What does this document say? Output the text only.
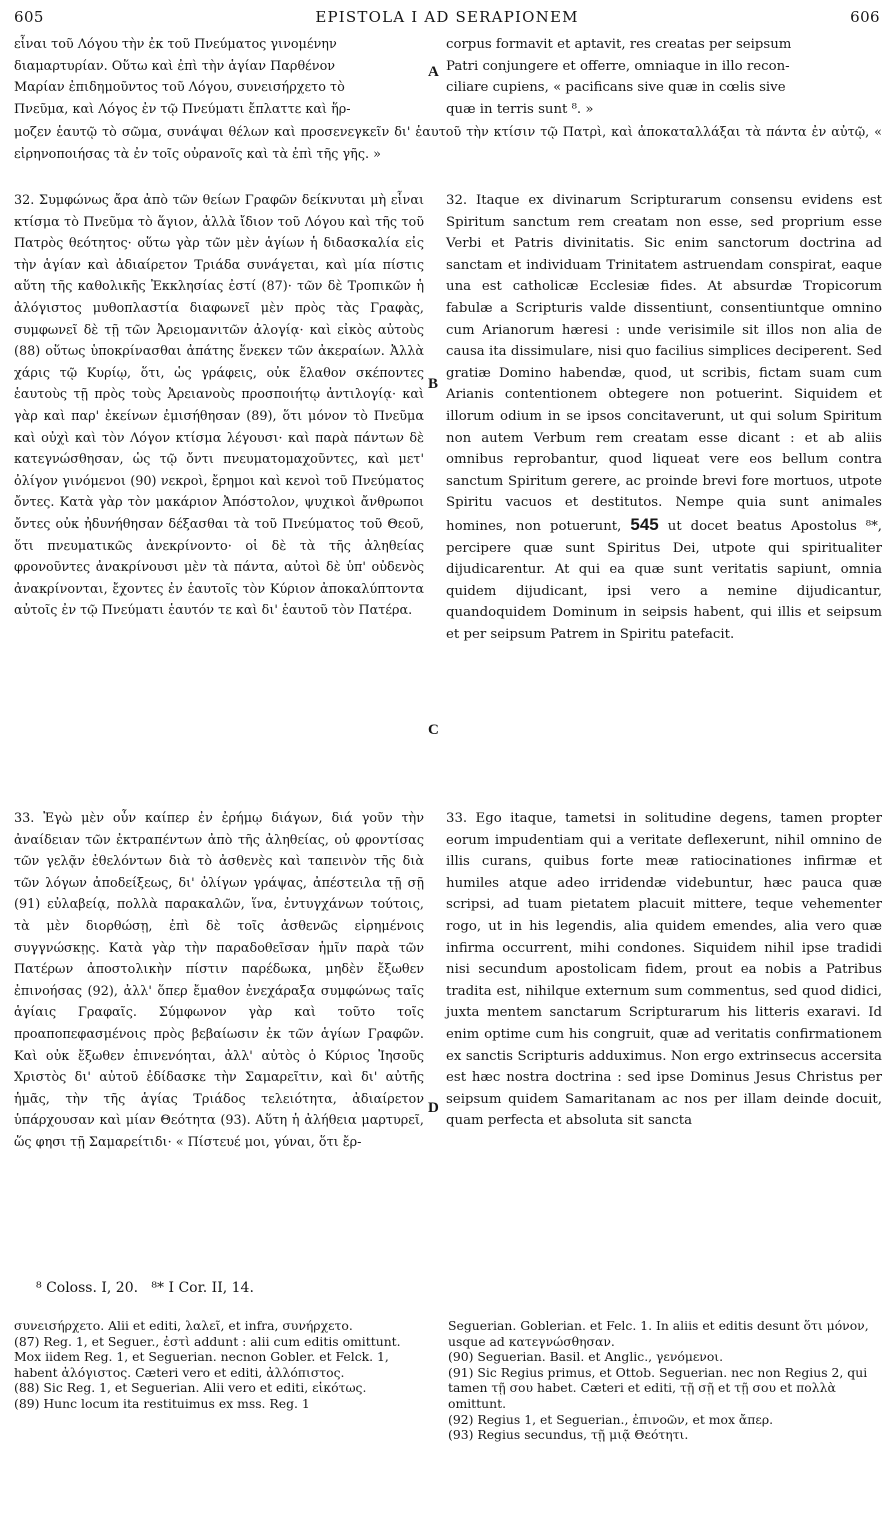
605	EPISTOLA I AD SERAPIONEM	606

εἶναι τοῦ Λόγου τὴν ἐκ τοῦ Πνεύματος γινομένην

διαμαρτυρίαν. Οὕτω καὶ ἐπὶ τὴν ἁγίαν Παρθένον

Μαρίαν ἐπιδημοῦντος τοῦ Λόγου, συνεισήρχετο τὸ

Πνεῦμα, καὶ Λόγος ἐν τῷ Πνεύματι ἔπλαττε καὶ ἥρ-

corpus formavit et aptavit, res creatas per seipsum

Patri conjungere et offerre, omniaque in illo recon-

ciliare cupiens, « pacificans sive quæ in cœlis sive

quæ in terris sunt ⁸. »

μοζεν ἑαυτῷ τὸ σῶμα, συνάψαι θέλων καὶ προσενεγκεῖν δι' ἑαυτοῦ τὴν κτίσιν τῷ Πατρὶ, καὶ ἀποκαταλλάξαι τὰ πάντα ἐν αὐτῷ, « εἰρηνοποιήσας τὰ ἐν τοῖς οὐρανοῖς καὶ τὰ ἐπὶ τῆς γῆς. »
32. Συμφώνως ἄρα ἀπὸ τῶν θείων Γραφῶν δείκνυται μὴ εἶναι κτίσμα τὸ Πνεῦμα τὸ ἅγιον, ἀλλὰ ἴδιον τοῦ Λόγου καὶ τῆς τοῦ Πατρὸς θεότητος· οὕτω γὰρ τῶν μὲν ἁγίων ἡ διδασκαλία εἰς τὴν ἁγίαν καὶ ἀδιαίρετον Τριάδα συνάγεται, καὶ μία πίστις αὕτη τῆς καθολικῆς Ἐκκλησίας ἐστί (87)· τῶν δὲ Τροπικῶν ἡ ἀλόγιστος μυθοπλαστία διαφωνεῖ μὲν πρὸς τὰς Γραφὰς, συμφωνεῖ δὲ τῇ τῶν Ἀρειομανιτῶν ἀλογίᾳ· καὶ εἰκὸς αὐτοὺς (88) οὕτως ὑποκρίνασθαι ἀπάτης ἕνεκεν τῶν ἀκεραίων. Ἀλλὰ χάρις τῷ Κυρίῳ, ὅτι, ὡς γράφεις, οὐκ ἔλαθον σκέποντες ἑαυτοὺς τῇ πρὸς τοὺς Ἀρειανοὺς προσποιήτῳ ἀντιλογίᾳ· καὶ γὰρ καὶ παρ' ἐκείνων ἐμισήθησαν (89), ὅτι μόνον τὸ Πνεῦμα καὶ οὐχὶ καὶ τὸν Λόγον κτίσμα λέγουσι· καὶ παρὰ πάντων δὲ κατεγνώσθησαν, ὡς τῷ ὄντι πνευματομαχοῦντες, καὶ μετ' ὀλίγον γινόμενοι (90) νεκροὶ, ἔρημοι καὶ κενοὶ τοῦ Πνεύματος ὄντες. Κατὰ γὰρ τὸν μακάριον Ἀπόστολον, ψυχικοὶ ἄνθρωποι ὄντες οὐκ ἠδυνήθησαν δέξασθαι τὰ τοῦ Πνεύματος τοῦ Θεοῦ, ὅτι πνευματικῶς ἀνεκρίνοντο· οἱ δὲ τὰ τῆς ἀληθείας φρονοῦντες ἀνακρίνουσι μὲν τὰ πάντα, αὐτοὶ δὲ ὑπ' οὐδενὸς ἀνακρίνονται, ἔχοντες ἐν ἑαυτοῖς τὸν Κύριον ἀποκαλύπτοντα αὐτοῖς ἐν τῷ Πνεύματι ἑαυτόν τε καὶ δι' ἑαυτοῦ τὸν Πατέρα.
32. Itaque ex divinarum Scripturarum consensu evidens est Spiritum sanctum rem creatam non esse, sed proprium esse Verbi et Patris divinitatis. Sic enim sanctorum doctrina ad sanctam et individuam Trinitatem astruendam conspirat, eaque una est catholicæ Ecclesiæ fides. At absurdæ Tropicorum fabulæ a Scripturis valde dissentiunt, consentiuntque omnino cum Arianorum hæresi : unde verisimile sit illos non alia de causa ita dissimulare, nisi quo facilius simplices deciperent. Sed gratiæ Domino habendæ, quod, ut scribis, fictam suam cum Arianis contentionem obtegere non potuerint. Siquidem et illorum odium in se ipsos concitaverunt, ut qui solum Spiritum non autem Verbum rem creatam esse dicant : et ab aliis omnibus reprobantur, quod liqueat vere eos bellum contra sanctum Spiritum gerere, ac proinde brevi fore mortuos, utpote Spiritu vacuos et destitutos. Nempe quia sunt animales homines, non potuerunt, 545 ut docet beatus Apostolus ⁸*, percipere quæ sunt Spiritus Dei, utpote qui spiritualiter dijudicarentur. At qui ea quæ sunt veritatis sapiunt, omnia quidem dijudicant, ipsi vero a nemine dijudicantur, quandoquidem Dominum in seipsis habent, qui illis et seipsum et per seipsum Patrem in Spiritu patefacit.
33. Ἐγὼ μὲν οὖν καίπερ ἐν ἐρήμῳ διάγων, διά γοῦν τὴν ἀναίδειαν τῶν ἐκτραπέντων ἀπὸ τῆς ἀληθείας, οὐ φροντίσας τῶν γελᾷν ἐθελόντων διὰ τὸ ἀσθενὲς καὶ ταπεινὸν τῆς διὰ τῶν λόγων ἀποδείξεως, δι' ὀλίγων γράψας, ἀπέστειλα τῇ σῇ (91) εὐλαβείᾳ, πολλὰ παρακαλῶν, ἵνα, ἐντυγχάνων τούτοις, τὰ μὲν διορθώσῃ, ἐπὶ δὲ τοῖς ἀσθενῶς εἰρημένοις συγγνώσκῃς. Κατὰ γὰρ τὴν παραδοθεῖσαν ἡμῖν παρὰ τῶν Πατέρων ἀποστολικὴν πίστιν παρέδωκα, μηδὲν ἔξωθεν ἐπινοήσας (92), ἀλλ' ὅπερ ἔμαθον ἐνεχάραξα συμφώνως ταῖς ἁγίαις Γραφαῖς. Σύμφωνον γὰρ καὶ τοῦτο τοῖς προαποπεφασμένοις πρὸς βεβαίωσιν ἐκ τῶν ἁγίων Γραφῶν. Καὶ οὐκ ἔξωθεν ἐπινενόηται, ἀλλ' αὐτὸς ὁ Κύριος Ἰησοῦς Χριστὸς δι' αὐτοῦ ἐδίδασκε τὴν Σαμαρεῖτιν, καὶ δι' αὐτῆς ἡμᾶς, τὴν τῆς ἁγίας Τριάδος τελειότητα, ἀδιαίρετον ὑπάρχουσαν καὶ μίαν Θεότητα (93). Αὕτη ἡ ἀλήθεια μαρτυρεῖ, ὥς φησι τῇ Σαμαρείτιδι· « Πίστευέ μοι, γύναι, ὅτι ἔρ-
33. Ego itaque, tametsi in solitudine degens, tamen propter eorum impudentiam qui a veritate deflexerunt, nihil omnino de illis curans, quibus forte meæ ratiocinationes infirmæ et humiles atque adeo irridendæ videbuntur, hæc pauca quæ scripsi, ad tuam pietatem placuit mittere, teque vehementer rogo, ut in his legendis, alia quidem emendes, alia vero quæ infirma occurrent, mihi condones. Siquidem nihil ipse tradidi nisi secundum apostolicam fidem, prout ea nobis a Patribus tradita est, nihilque externum sum commentus, sed quod didici, juxta mentem sanctarum Scripturarum his litteris exaravi. Id enim optime cum his congruit, quæ ad veritatis confirmationem ex sanctis Scripturis adduximus. Non ergo extrinsecus accersita est hæc nostra doctrina : sed ipse Dominus Jesus Christus per seipsum quidem Samaritanam ac nos per illam deinde docuit, quam perfecta et absoluta sit sancta
A
B
C
D
⁸ Coloss. I, 20.   ⁸* I Cor. II, 14.

συνεισήρχετο. Alii et editi, λαλεῖ, et infra, συνήρχετο.

(87) Reg. 1, et Seguer., ἐστὶ addunt : alii cum editis omittunt. Mox iidem Reg. 1, et Seguerian. necnon Gobler. et Felck. 1, habent ἀλόγιστος. Cæteri vero et editi, ἀλλόπιστος.

(88) Sic Reg. 1, et Seguerian. Alii vero et editi, εἰκότως.

(89) Hunc locum ita restituimus ex mss. Reg. 1

Seguerian. Goblerian. et Felc. 1. In aliis et editis desunt ὅτι μόνον, usque ad κατεγνώσθησαν.

(90) Seguerian. Basil. et Anglic., γενόμενοι.

(91) Sic Regius primus, et Ottob. Seguerian. nec non Regius 2, qui tamen τῇ σου habet. Cæteri et editi, τῇ σῇ et τῇ σου et πολλὰ omittunt.

(92) Regius 1, et Seguerian., ἐπινοῶν, et mox ἄπερ.

(93) Regius secundus, τῇ μιᾷ Θεότητι.
